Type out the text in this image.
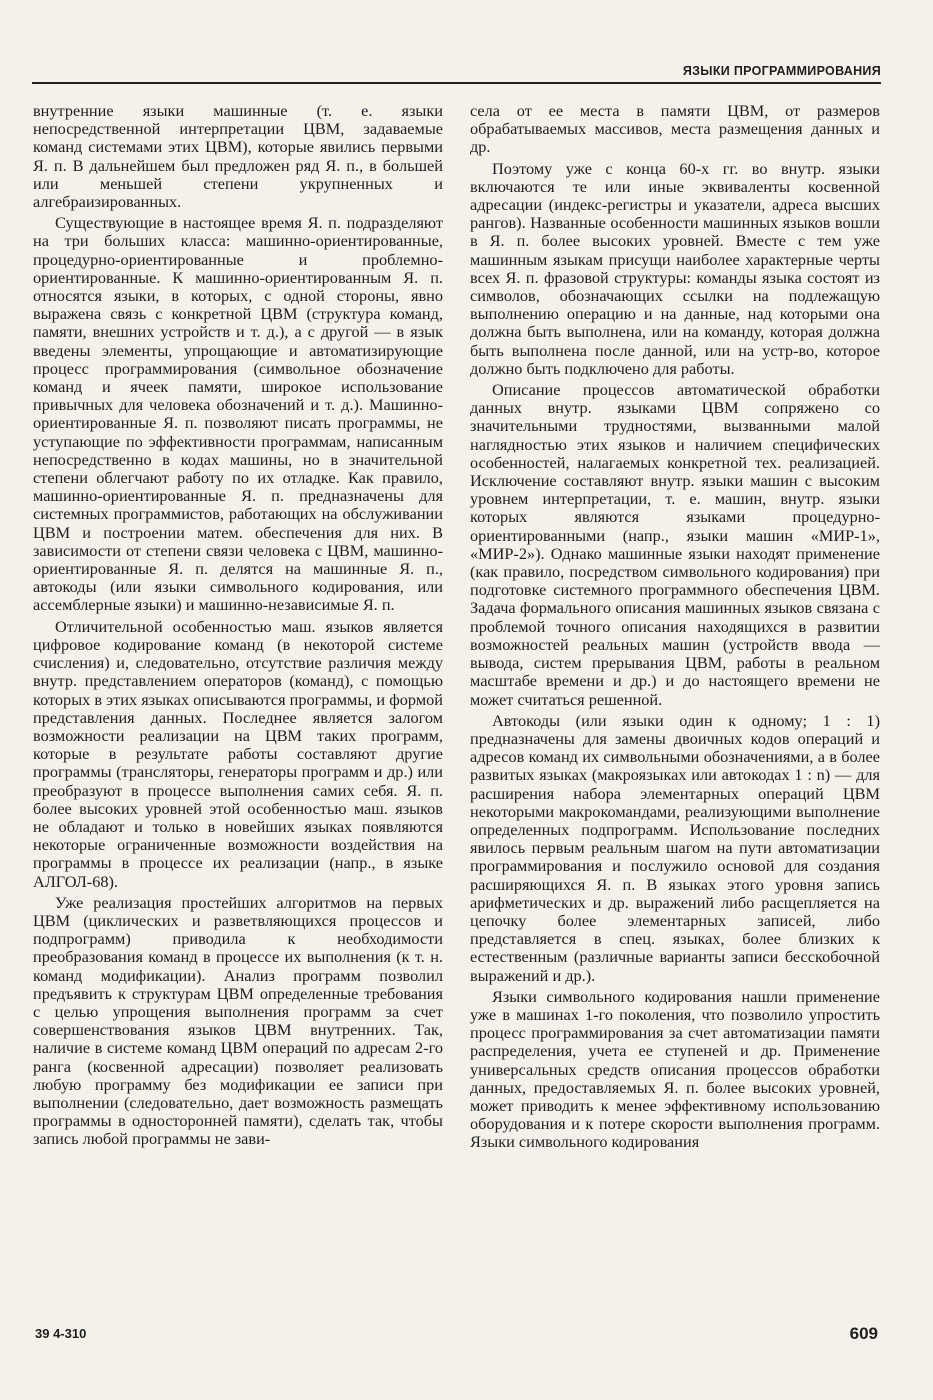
ЯЗЫКИ ПРОГРАММИРОВАНИЯ

внутренние языки машинные (т. е. языки непосредственной интерпретации ЦВМ, задаваемые команд системами этих ЦВМ), которые явились первыми Я. п. В дальнейшем был предложен ряд Я. п., в большей или меньшей степени укрупненных и алгебраизированных.

Существующие в настоящее время Я. п. подразделяют на три больших класса: машинно-ориентированные, процедурно-ориентированные и проблемно-ориентированные. К машинно-ориентированным Я. п. относятся языки, в которых, с одной стороны, явно выражена связь с конкретной ЦВМ (структура команд, памяти, внешних устройств и т. д.), а с другой — в язык введены элементы, упрощающие и автоматизирующие процесс программирования (символьное обозначение команд и ячеек памяти, широкое использование привычных для человека обозначений и т. д.). Машинно-ориентированные Я. п. позволяют писать программы, не уступающие по эффективности программам, написанным непосредственно в кодах машины, но в значительной степени облегчают работу по их отладке. Как правило, машинно-ориентированные Я. п. предназначены для системных программистов, работающих на обслуживании ЦВМ и построении матем. обеспечения для них. В зависимости от степени связи человека с ЦВМ, машинно-ориентированные Я. п. делятся на машинные Я. п., автокоды (или языки символьного кодирования, или ассемблерные языки) и машинно-независимые Я. п.

Отличительной особенностью маш. языков является цифровое кодирование команд (в некоторой системе счисления) и, следовательно, отсутствие различия между внутр. представлением операторов (команд), с помощью которых в этих языках описываются программы, и формой представления данных. Последнее является залогом возможности реализации на ЦВМ таких программ, которые в результате работы составляют другие программы (трансляторы, генераторы программ и др.) или преобразуют в процессе выполнения самих себя. Я. п. более высоких уровней этой особенностью маш. языков не обладают и только в новейших языках появляются некоторые ограниченные возможности воздействия на программы в процессе их реализации (напр., в языке АЛГОЛ-68).

Уже реализация простейших алгоритмов на первых ЦВМ (циклических и разветвляющихся процессов и подпрограмм) приводила к необходимости преобразования команд в процессе их выполнения (к т. н. команд модификации). Анализ программ позволил предъявить к структурам ЦВМ определенные требования с целью упрощения выполнения программ за счет совершенствования языков ЦВМ внутренних. Так, наличие в системе команд ЦВМ операций по адресам 2-го ранга (косвенной адресации) позволяет реализовать любую программу без модификации ее записи при выполнении (следовательно, дает возможность размещать программы в односторонней памяти), сделать так, чтобы запись любой программы не зави-

села от ее места в памяти ЦВМ, от размеров обрабатываемых массивов, места размещения данных и др.

Поэтому уже с конца 60-х гг. во внутр. языки включаются те или иные эквиваленты косвенной адресации (индекс-регистры и указатели, адреса высших рангов). Названные особенности машинных языков вошли в Я. п. более высоких уровней. Вместе с тем уже машинным языкам присущи наиболее характерные черты всех Я. п. фразовой структуры: команды языка состоят из символов, обозначающих ссылки на подлежащую выполнению операцию и на данные, над которыми она должна быть выполнена, или на команду, которая должна быть выполнена после данной, или на устр-во, которое должно быть подключено для работы.

Описание процессов автоматической обработки данных внутр. языками ЦВМ сопряжено со значительными трудностями, вызванными малой наглядностью этих языков и наличием специфических особенностей, налагаемых конкретной тех. реализацией. Исключение составляют внутр. языки машин с высоким уровнем интерпретации, т. е. машин, внутр. языки которых являются языками процедурно-ориентированными (напр., языки машин «МИР-1», «МИР-2»). Однако машинные языки находят применение (как правило, посредством символьного кодирования) при подготовке системного программного обеспечения ЦВМ. Задача формального описания машинных языков связана с проблемой точного описания находящихся в развитии возможностей реальных машин (устройств ввода — вывода, систем прерывания ЦВМ, работы в реальном масштабе времени и др.) и до настоящего времени не может считаться решенной.

Автокоды (или языки один к одному; 1 : 1) предназначены для замены двоичных кодов операций и адресов команд их символьными обозначениями, а в более развитых языках (макроязыках или автокодах 1 : n) — для расширения набора элементарных операций ЦВМ некоторыми макрокомандами, реализующими выполнение определенных подпрограмм. Использование последних явилось первым реальным шагом на пути автоматизации программирования и послужило основой для создания расширяющихся Я. п. В языках этого уровня запись арифметических и др. выражений либо расщепляется на цепочку более элементарных записей, либо представляется в спец. языках, более близких к естественным (различные варианты записи бесскобочной выражений и др.).

Языки символьного кодирования нашли применение уже в машинах 1-го поколения, что позволило упростить процесс программирования за счет автоматизации памяти распределения, учета ее ступеней и др. Применение универсальных средств описания процессов обработки данных, предоставляемых Я. п. более высоких уровней, может приводить к менее эффективному использованию оборудования и к потере скорости выполнения программ. Языки символьного кодирования

39 4-310	609
